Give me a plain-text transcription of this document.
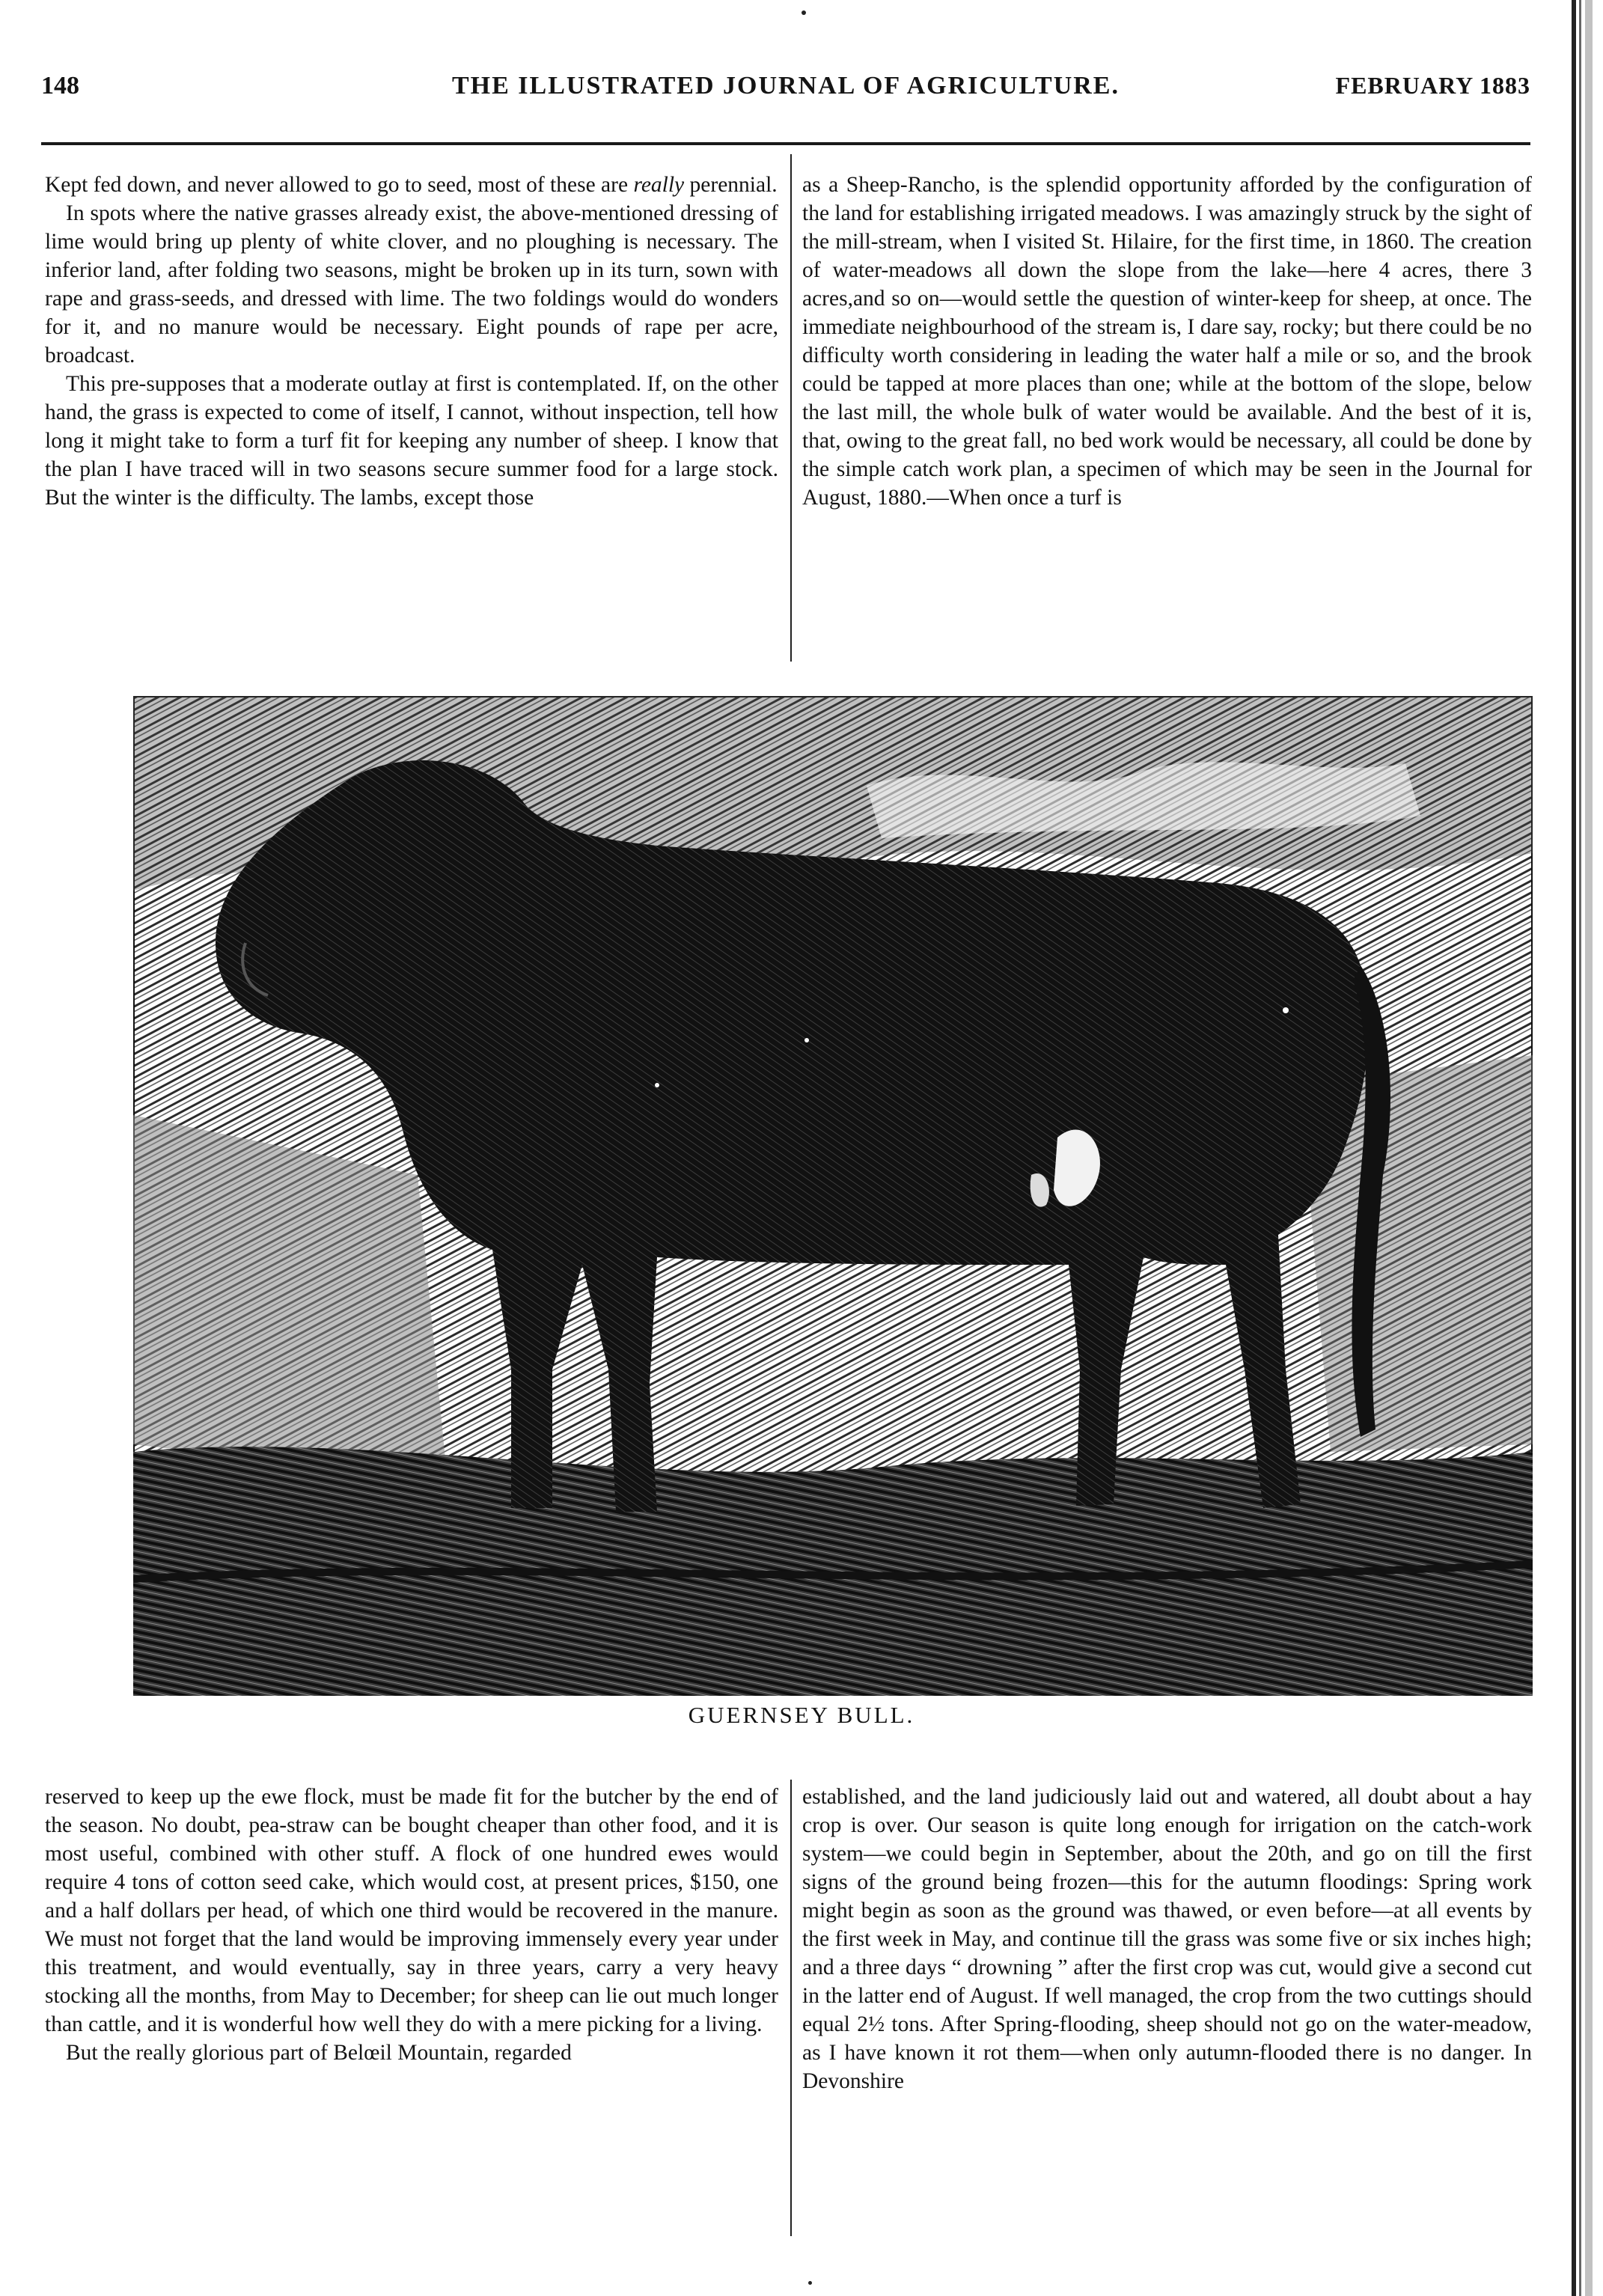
148	THE ILLUSTRATED JOURNAL OF AGRICULTURE.	FEBRUARY 1883

Kept fed down, and never allowed to go to seed, most of these are really perennial.

In spots where the native grasses already exist, the above-mentioned dressing of lime would bring up plenty of white clover, and no ploughing is necessary. The inferior land, after folding two seasons, might be broken up in its turn, sown with rape and grass-seeds, and dressed with lime. The two foldings would do wonders for it, and no manure would be necessary. Eight pounds of rape per acre, broadcast.

This pre-supposes that a moderate outlay at first is contemplated. If, on the other hand, the grass is expected to come of itself, I cannot, without inspection, tell how long it might take to form a turf fit for keeping any number of sheep. I know that the plan I have traced will in two seasons secure summer food for a large stock. But the winter is the difficulty. The lambs, except those

as a Sheep-Rancho, is the splendid opportunity afforded by the configuration of the land for establishing irrigated meadows. I was amazingly struck by the sight of the mill-stream, when I visited St. Hilaire, for the first time, in 1860. The creation of water-meadows all down the slope from the lake—here 4 acres, there 3 acres,and so on—would settle the question of winter-keep for sheep, at once. The immediate neighbourhood of the stream is, I dare say, rocky; but there could be no difficulty worth considering in leading the water half a mile or so, and the brook could be tapped at more places than one; while at the bottom of the slope, below the last mill, the whole bulk of water would be available. And the best of it is, that, owing to the great fall, no bed work would be necessary, all could be done by the simple catch work plan, a specimen of which may be seen in the Journal for August, 1880.—When once a turf is

GUERNSEY BULL.

reserved to keep up the ewe flock, must be made fit for the butcher by the end of the season. No doubt, pea-straw can be bought cheaper than other food, and it is most useful, combined with other stuff. A flock of one hundred ewes would require 4 tons of cotton seed cake, which would cost, at present prices, $150, one and a half dollars per head, of which one third would be recovered in the manure. We must not forget that the land would be improving immensely every year under this treatment, and would eventually, say in three years, carry a very heavy stocking all the months, from May to December; for sheep can lie out much longer than cattle, and it is wonderful how well they do with a mere picking for a living.

But the really glorious part of Belœil Mountain, regarded

established, and the land judiciously laid out and watered, all doubt about a hay crop is over. Our season is quite long enough for irrigation on the catch-work system—we could begin in September, about the 20th, and go on till the first signs of the ground being frozen—this for the autumn floodings: Spring work might begin as soon as the ground was thawed, or even before—at all events by the first week in May, and continue till the grass was some five or six inches high; and a three days “ drowning ” after the first crop was cut, would give a second cut in the latter end of August. If well managed, the crop from the two cuttings should equal 2½ tons. After Spring-flooding, sheep should not go on the water-meadow, as I have known it rot them—when only autumn-flooded there is no danger. In Devonshire
